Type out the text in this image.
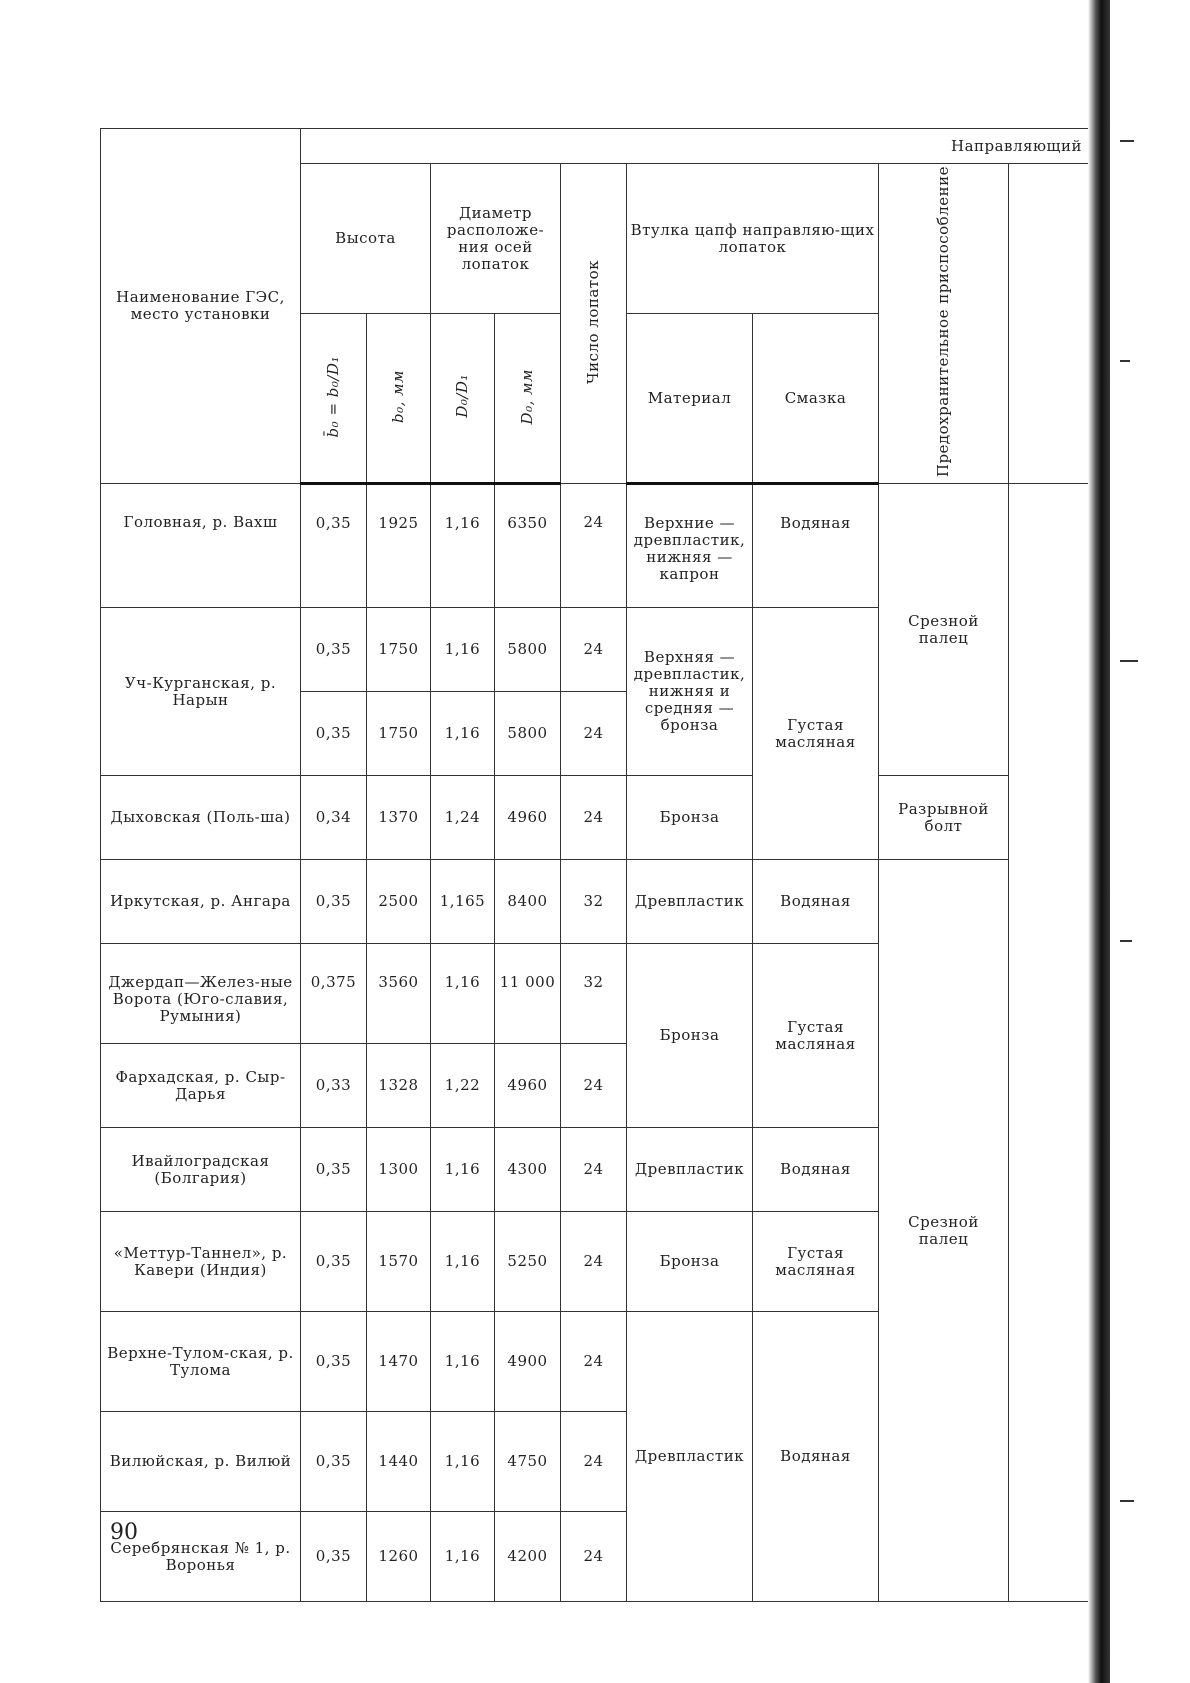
Наименование ГЭС, место установки	Направляющий								
	Высота		Диаметр расположе-ния осей лопаток		Число лопаток	Втулка цапф направляю-щих лопаток		Предохранительное приспособление	
	b̄₀ = b₀/D₁	b₀, мм	D₀/D₁	D₀, мм		Материал	Смазка		
Головная, р. Вахш	0,35	1925	1,16	6350	24	Верхние — древпластик, нижняя — капрон	Водяная	Срезной палец	
Уч-Курганская, р. Нарын	0,35	1750	1,16	5800	24	Верхняя — древпластик, нижняя и средняя — бронза	Густая масляная		
	0,35	1750	1,16	5800	24				
Дыховская (Поль-ша)	0,34	1370	1,24	4960	24	Бронза		Разрывной болт	
Иркутская, р. Ангара	0,35	2500	1,165	8400	32	Древпластик	Водяная	Срезной палец	
Джердап—Желез-ные Ворота (Юго-славия, Румыния)	0,375	3560	1,16	11 000	32	Бронза	Густая масляная		
Фархадская, р. Сыр-Дарья	0,33	1328	1,22	4960	24				
Ивайлоградская (Болгария)	0,35	1300	1,16	4300	24	Древпластик	Водяная		
«Меттур-Таннел», р. Кавери (Индия)	0,35	1570	1,16	5250	24	Бронза	Густая масляная		
Верхне-Тулом-ская, р. Тулома	0,35	1470	1,16	4900	24	Древпластик	Водяная		
Вилюйская, р. Вилюй	0,35	1440	1,16	4750	24				
Серебрянская № 1, р. Воронья	0,35	1260	1,16	4200	24				
90
